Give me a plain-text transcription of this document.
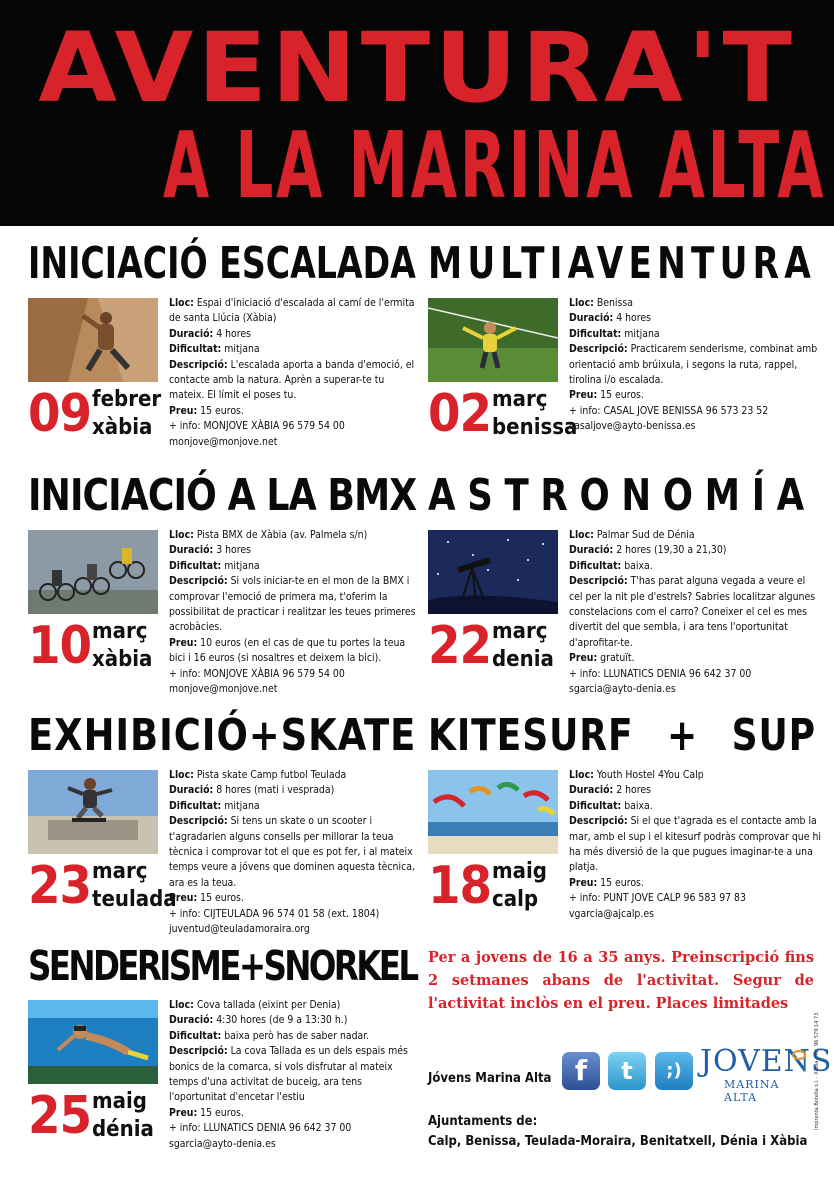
AVENTURA'T
A LA MARINA ALTA
INICIACIÓ ESCALADA
09 febrer
xàbia

Lloc: Espai d'iniciació d'escalada al camí de l'ermita de santa Llúcia (Xàbia)

Duració: 4 hores

Dificultat: mitjana

Descripció: L'escalada aporta a banda d'emoció, el contacte amb la natura. Aprèn a superar-te tu mateix. El límit el poses tu.

Preu: 15 euros.

+ info: MONJOVE XÀBIA 96 579 54 00

monjove@monjove.net

MULTIAVENTURA
02 març
benissa

Lloc: Benissa

Duració: 4 hores

Dificultat: mitjana

Descripció: Practicarem senderisme, combinat amb orientació amb brúixula, i segons la ruta, rappel, tirolina i/o escalada.

Preu: 15 euros.

+ info: CASAL JOVE BENISSA 96 573 23 52

casaljove@ayto-benissa.es

INICIACIÓ A LA BMX
10 març
xàbia

Lloc: Pista BMX de Xàbia (av. Palmela s/n)

Duració: 3 hores

Dificultat: mitjana

Descripció: Si vols iniciar-te en el mon de la BMX i comprovar l'emoció de primera ma, t'oferim la possibilitat de practicar i realitzar les teues primeres acrobàcies.

Preu: 10 euros (en el cas de que tu portes la teua bici i 16 euros (si nosaltres et deixem la bici).

+ info: MONJOVE XÀBIA 96 579 54 00

monjove@monjove.net

ASTRONOMÍA
22 març
denia

Lloc: Palmar Sud de Dénia

Duració: 2 hores (19,30 a 21,30)

Dificultat: baixa.

Descripció: T'has parat alguna vegada a veure el cel per la nit ple d'estrels? Sabries localitzar algunes constelacions com el carro? Coneixer el cel es mes divertit del que sembla, i ara tens l'oportunitat d'aprofitar-te.

Preu: gratuït.

+ info: LLUNATICS DENIA 96 642 37 00

sgarcia@ayto-denia.es

EXHIBICIÓ+SKATE
23 març
teulada

Lloc: Pista skate Camp futbol Teulada

Duració: 8 hores (mati i vesprada)

Dificultat: mitjana

Descripció: Si tens un skate o un scooter i t'agradarien alguns consells per millorar la teua tècnica i comprovar tot el que es pot fer, i al mateix temps veure a jóvens que dominen aquesta tècnica, ara es la teua.

Preu: 15 euros.

+ info: CIJTEULADA 96 574 01 58 (ext. 1804)

juventud@teuladamoraira.org

KITESURF + SUP
18 maig
calp

Lloc: Youth Hostel 4You Calp

Duració: 2 hores

Dificultat: baixa.

Descripció: Si el que t'agrada es el contacte amb la mar, amb el sup i el kitesurf podràs comprovar que hi ha més diversió de la que pugues imaginar-te a una platja.

Preu: 15 euros.

+ info: PUNT JOVE CALP 96 583 97 83

vgarcia@ajcalp.es

SENDERISME+SNORKEL
25 maig
dénia

Lloc: Cova tallada (eixint per Denia)

Duració: 4:30 hores (de 9 a 13:30 h.)

Dificultat: baixa però has de saber nadar.

Descripció: La cova Tallada es un dels espais més bonics de la comarca, si vols disfrutar al mateix temps d'una activitat de buceig, ara tens l'oportunitat d'encetar l'estiu

Preu: 15 euros.

+ info: LLUNATICS DENIA 96 642 37 00

sgarcia@ayto-denia.es

Per a jovens de 16 a 35 anys. Preinscripció fins 2 setmanes abans de l'activitat. Segur de l'activitat inclòs en el preu. Places limitades
Jóvens Marina Alta f	t	;) JOVENS
MARINA ALTA	Imprenta Botella s.l. · Xàbia · Tel. 96 579 14 73
Ajuntaments de:
Calp, Benissa, Teulada-Moraira, Benitatxell, Dénia i Xàbia
